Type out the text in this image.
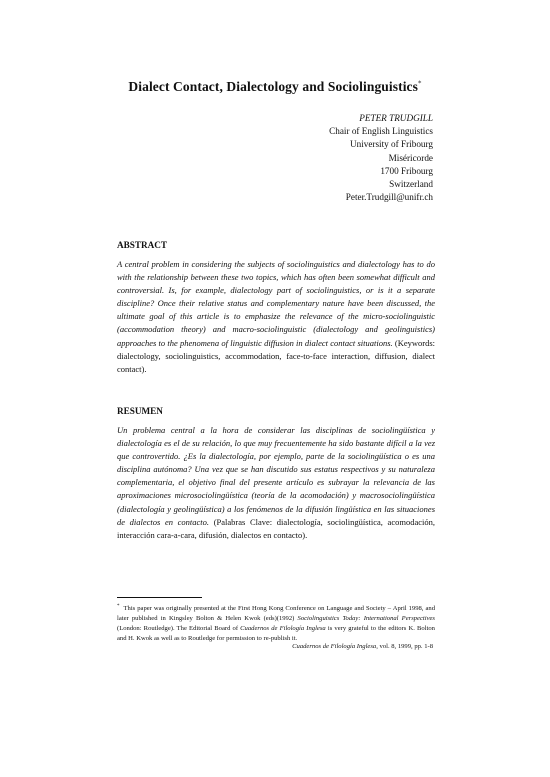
Dialect Contact, Dialectology and Sociolinguistics*
PETER TRUDGILL
Chair of English Linguistics
University of Fribourg
Miséricorde
1700 Fribourg
Switzerland
Peter.Trudgill@unifr.ch
ABSTRACT
A central problem in considering the subjects of sociolinguistics and dialectology has to do with the relationship between these two topics, which has often been somewhat difficult and controversial. Is, for example, dialectology part of sociolinguistics, or is it a separate discipline? Once their relative status and complementary nature have been discussed, the ultimate goal of this article is to emphasize the relevance of the micro-sociolinguistic (accommodation theory) and macro-sociolinguistic (dialectology and geolinguistics) approaches to the phenomena of linguistic diffusion in dialect contact situations. (Keywords: dialectology, sociolinguistics, accommodation, face-to-face interaction, diffusion, dialect contact).
RESUMEN
Un problema central a la hora de considerar las disciplinas de sociolingüística y dialectología es el de su relación, lo que muy frecuentemente ha sido bastante difícil a la vez que controvertido. ¿Es la dialectología, por ejemplo, parte de la sociolingüística o es una disciplina autónoma? Una vez que se han discutido sus estatus respectivos y su naturaleza complementaria, el objetivo final del presente artículo es subrayar la relevancia de las aproximaciones microsociolingüística (teoría de la acomodación) y macrosociolingüística (dialectología y geolingüística) a los fenómenos de la difusión lingüística en las situaciones de dialectos en contacto. (Palabras Clave: dialectología, sociolingüística, acomodación, interacción cara-a-cara, difusión, dialectos en contacto).
* This paper was originally presented at the First Hong Kong Conference on Language and Society – April 1998, and later published in Kingsley Bolton & Helen Kwok (eds)(1992) Sociolinguistics Today: International Perspectives (London: Routledge). The Editorial Board of Cuadernos de Filología Inglesa is very grateful to the editors K. Bolton and H. Kwok as well as to Routledge for permission to re-publish it.
Cuadernos de Filología Inglesa, vol. 8, 1999, pp. 1-8
